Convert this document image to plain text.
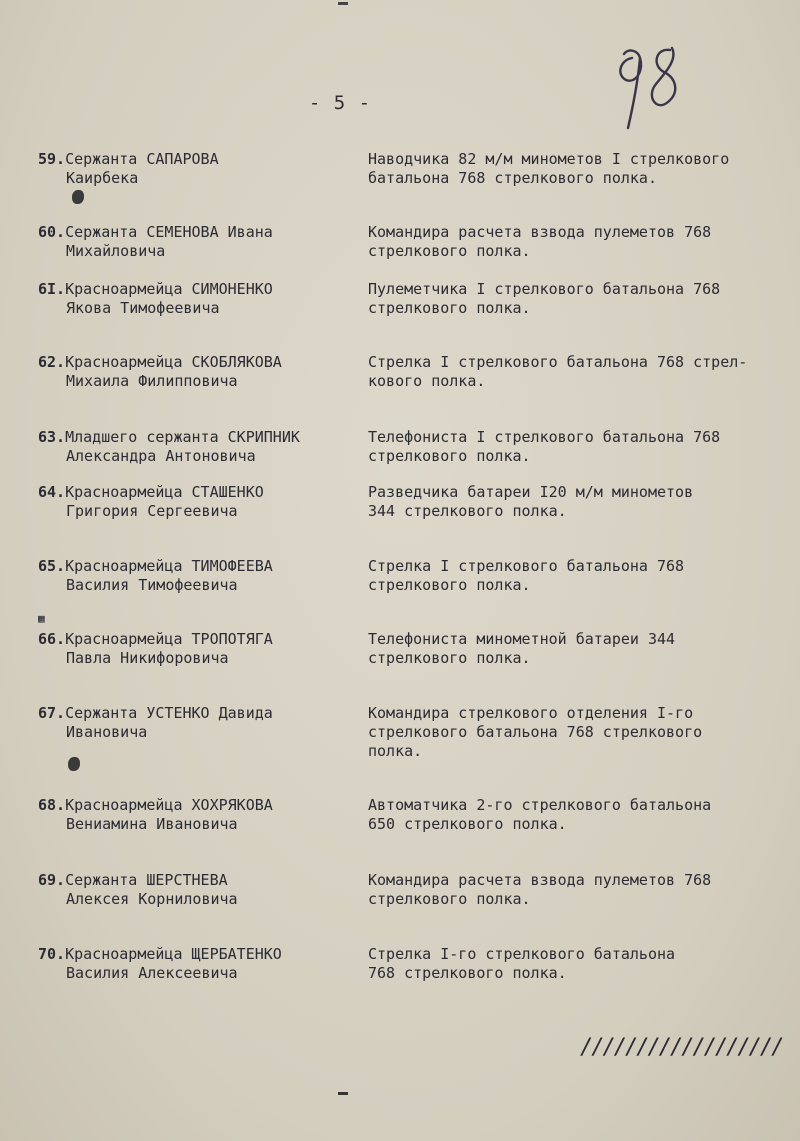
- 5 -
59.Сержанта САПАРОВА
Каирбека
Наводчика 82 м/м минометов I стрелкового
батальона 768 стрелкового полка.
60.Сержанта СЕМЕНОВА Ивана
Михайловича
Командира расчета взвода пулеметов 768
стрелкового полка.
6I.Красноармейца СИМОНЕНКО
Якова Тимофеевича
Пулеметчика I стрелкового батальона 768
стрелкового полка.
62.Красноармейца СКОБЛЯКОВА
Михаила Филипповича
Стрелка I стрелкового батальона 768 стрел-
кового полка.
63.Младшего сержанта СКРИПНИК
Александра Антоновича
Телефониста I стрелкового батальона 768
стрелкового полка.
64.Красноармейца СТАШЕНКО
Григория Сергеевича
Разведчика батареи I20 м/м минометов
344 стрелкового полка.
65.Красноармейца ТИМОФЕЕВА
Василия Тимофеевича
Стрелка I стрелкового батальона 768
стрелкового полка.
66.Красноармейца ТРОПОТЯГА
Павла Никифоровича
Телефониста минометной батареи 344
стрелкового полка.
67.Сержанта УСТЕНКО Давида
Ивановича
Командира стрелкового отделения I-го
стрелкового батальона 768 стрелкового
полка.
68.Красноармейца ХОХРЯКОВА
Вениамина Ивановича
Автоматчика 2-го стрелкового батальона
650 стрелкового полка.
69.Сержанта ШЕРСТНЕВА
Алексея Корниловича
Командира расчета взвода пулеметов 768
стрелкового полка.
70.Красноармейца ЩЕРБАТЕНКО
Василия Алексеевича
Стрелка I-го стрелкового батальона
768 стрелкового полка.
▦
//////////////////
